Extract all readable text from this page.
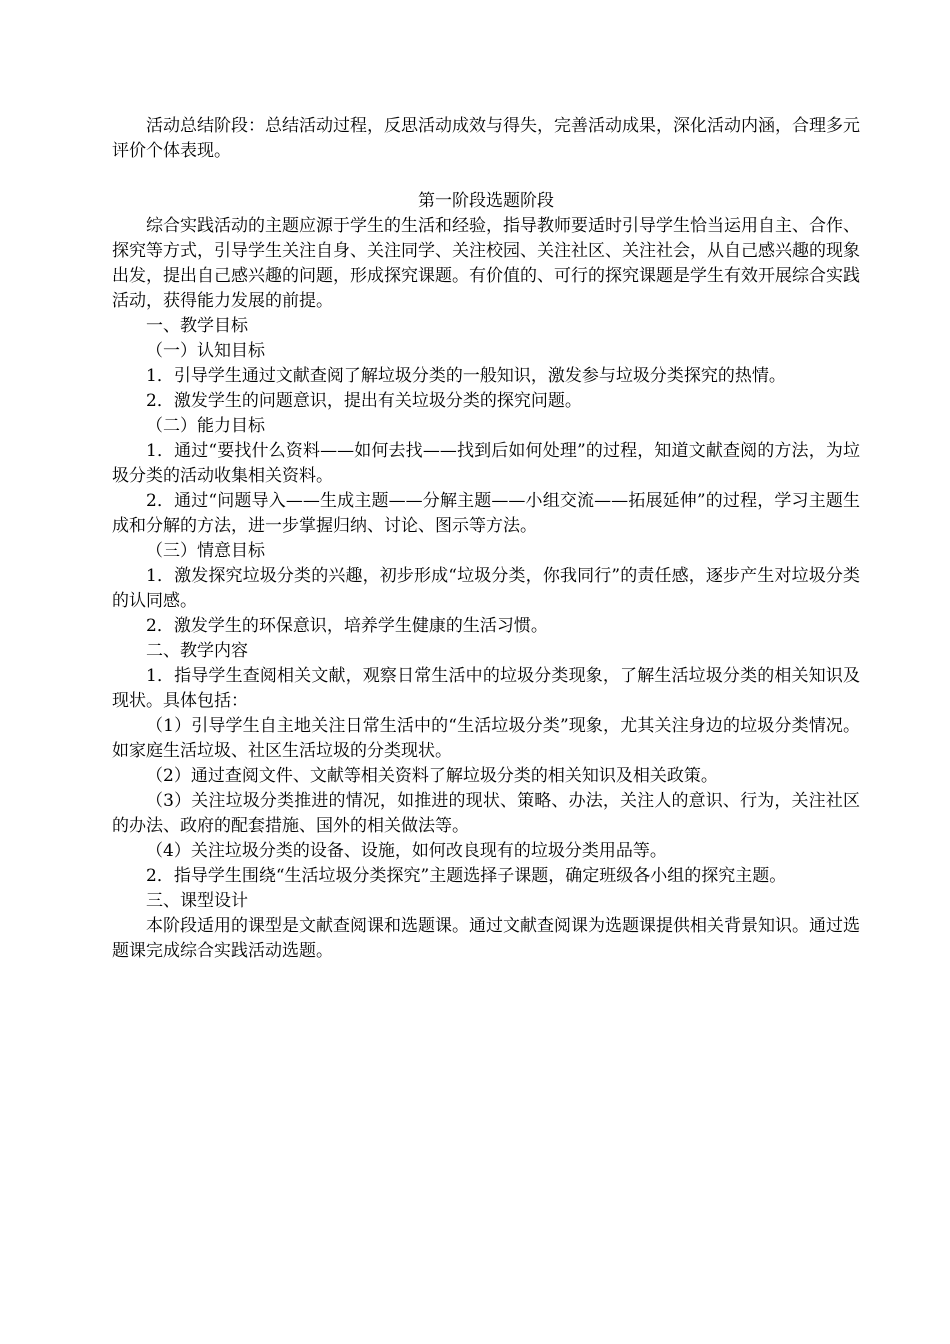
活动总结阶段：总结活动过程，反思活动成效与得失，完善活动成果，深化活动内涵，合理多元评价个体表现。

第一阶段选题阶段

综合实践活动的主题应源于学生的生活和经验，指导教师要适时引导学生恰当运用自主、合作、探究等方式，引导学生关注自身、关注同学、关注校园、关注社区、关注社会，从自己感兴趣的现象出发，提出自己感兴趣的问题，形成探究课题。有价值的、可行的探究课题是学生有效开展综合实践活动，获得能力发展的前提。

一、教学目标

（一）认知目标

1．引导学生通过文献查阅了解垃圾分类的一般知识，激发参与垃圾分类探究的热情。

2．激发学生的问题意识，提出有关垃圾分类的探究问题。

（二）能力目标

1．通过“要找什么资料——如何去找——找到后如何处理”的过程，知道文献查阅的方法，为垃圾分类的活动收集相关资料。

2．通过“问题导入——生成主题——分解主题——小组交流——拓展延伸”的过程，学习主题生成和分解的方法，进一步掌握归纳、讨论、图示等方法。

（三）情意目标

1．激发探究垃圾分类的兴趣，初步形成“垃圾分类，你我同行”的责任感，逐步产生对垃圾分类的认同感。

2．激发学生的环保意识，培养学生健康的生活习惯。

二、教学内容

1．指导学生查阅相关文献，观察日常生活中的垃圾分类现象，了解生活垃圾分类的相关知识及现状。具体包括：

（1）引导学生自主地关注日常生活中的“生活垃圾分类”现象，尤其关注身边的垃圾分类情况。如家庭生活垃圾、社区生活垃圾的分类现状。

（2）通过查阅文件、文献等相关资料了解垃圾分类的相关知识及相关政策。

（3）关注垃圾分类推进的情况，如推进的现状、策略、办法，关注人的意识、行为，关注社区的办法、政府的配套措施、国外的相关做法等。

（4）关注垃圾分类的设备、设施，如何改良现有的垃圾分类用品等。

2．指导学生围绕“生活垃圾分类探究”主题选择子课题，确定班级各小组的探究主题。

三、课型设计

本阶段适用的课型是文献查阅课和选题课。通过文献查阅课为选题课提供相关背景知识。通过选题课完成综合实践活动选题。
